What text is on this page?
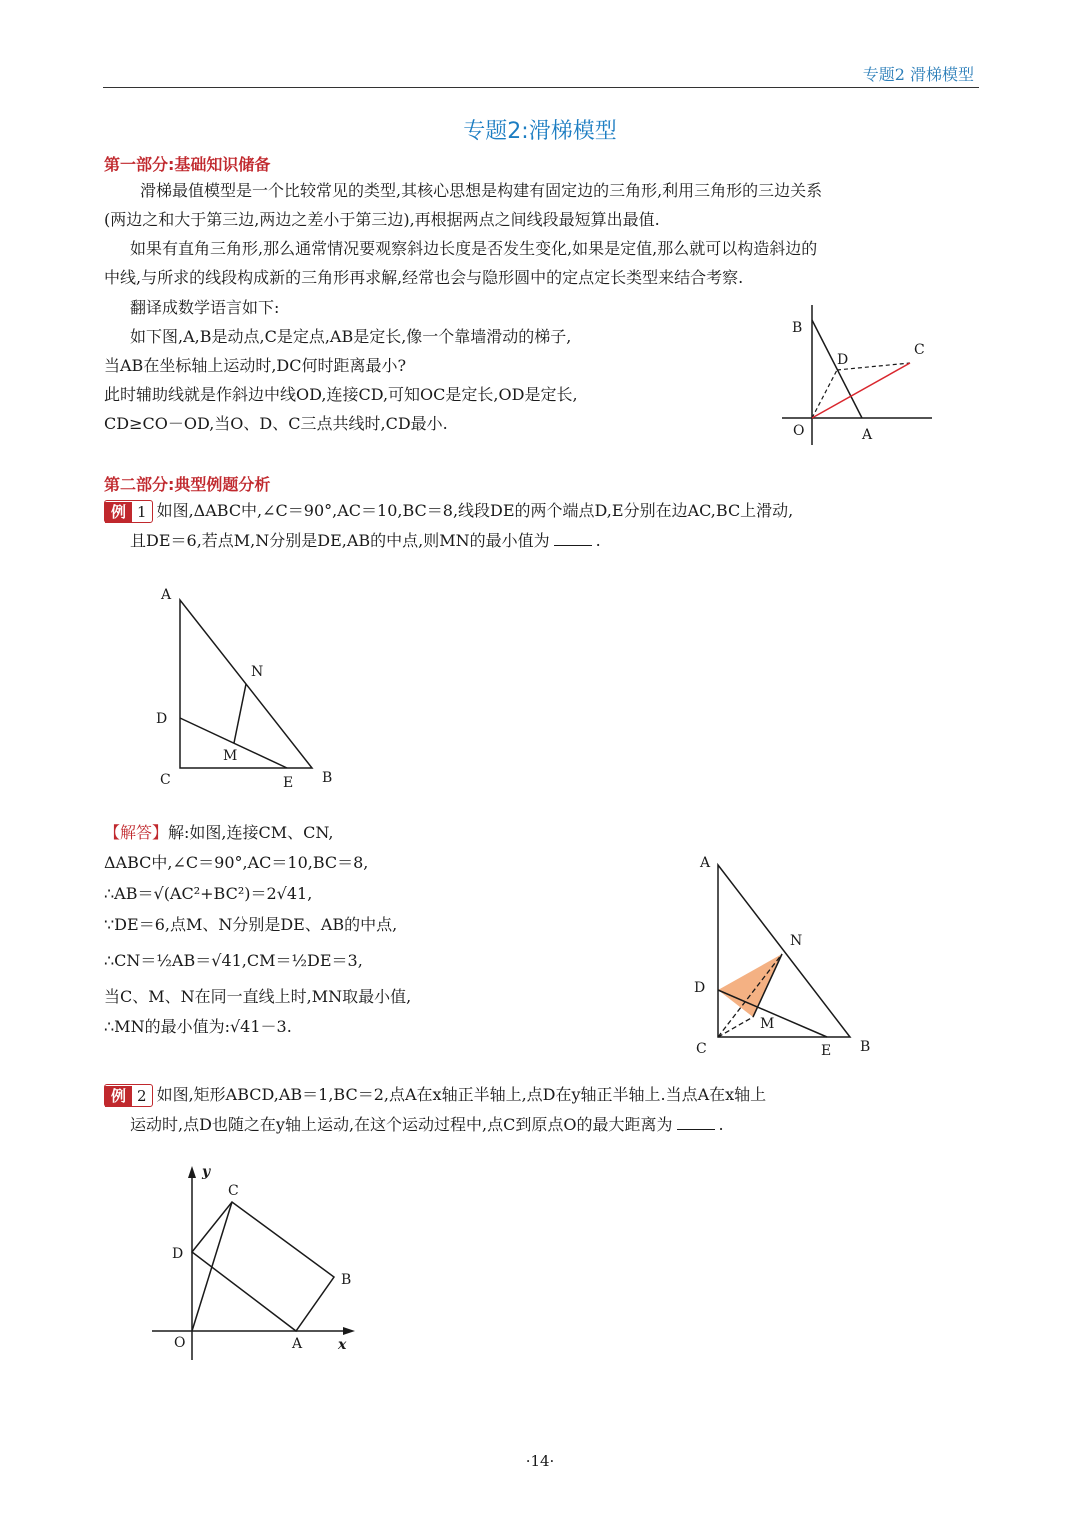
专题2 滑梯模型
专题2:滑梯模型
第一部分:基础知识储备
滑梯最值模型是一个比较常见的类型,其核心思想是构建有固定边的三角形,利用三角形的三边关系
(两边之和大于第三边,两边之差小于第三边),再根据两点之间线段最短算出最值.
如果有直角三角形,那么通常情况要观察斜边长度是否发生变化,如果是定值,那么就可以构造斜边的
中线,与所求的线段构成新的三角形再求解,经常也会与隐形圆中的定点定长类型来结合考察.
翻译成数学语言如下:
如下图,A,B是动点,C是定点,AB是定长,像一个靠墙滑动的梯子,
当AB在坐标轴上运动时,DC何时距离最小?
此时辅助线就是作斜边中线OD,连接CD,可知OC是定长,OD是定长,
CD≥CO－OD,当O、D、C三点共线时,CD最小.
B
D
C
O	A
第二部分:典型例题分析
例 1 如图,ΔABC中,∠C＝90°,AC＝10,BC＝8,线段DE的两个端点D,E分别在边AC,BC上滑动,
且DE＝6,若点M,N分别是DE,AB的中点,则MN的最小值为	.
A
N
D
M
C	E B
【解答】解:如图,连接CM、CN,
ΔABC中,∠C＝90°,AC＝10,BC＝8,
∴AB＝√(AC²+BC²)＝2√41,
∵DE＝6,点M、N分别是DE、AB的中点,
∴CN＝½AB＝√41,CM＝½DE＝3,
当C、M、N在同一直线上时,MN取最小值,
∴MN的最小值为:√41－3.
A
N
D
M
C	E B
例 2 如图,矩形ABCD,AB＝1,BC＝2,点A在x轴正半轴上,点D在y轴正半轴上.当点A在x轴上
运动时,点D也随之在y轴上运动,在这个运动过程中,点C到原点O的最大距离为	.
y
C
D
B
O	A	x
·14·
